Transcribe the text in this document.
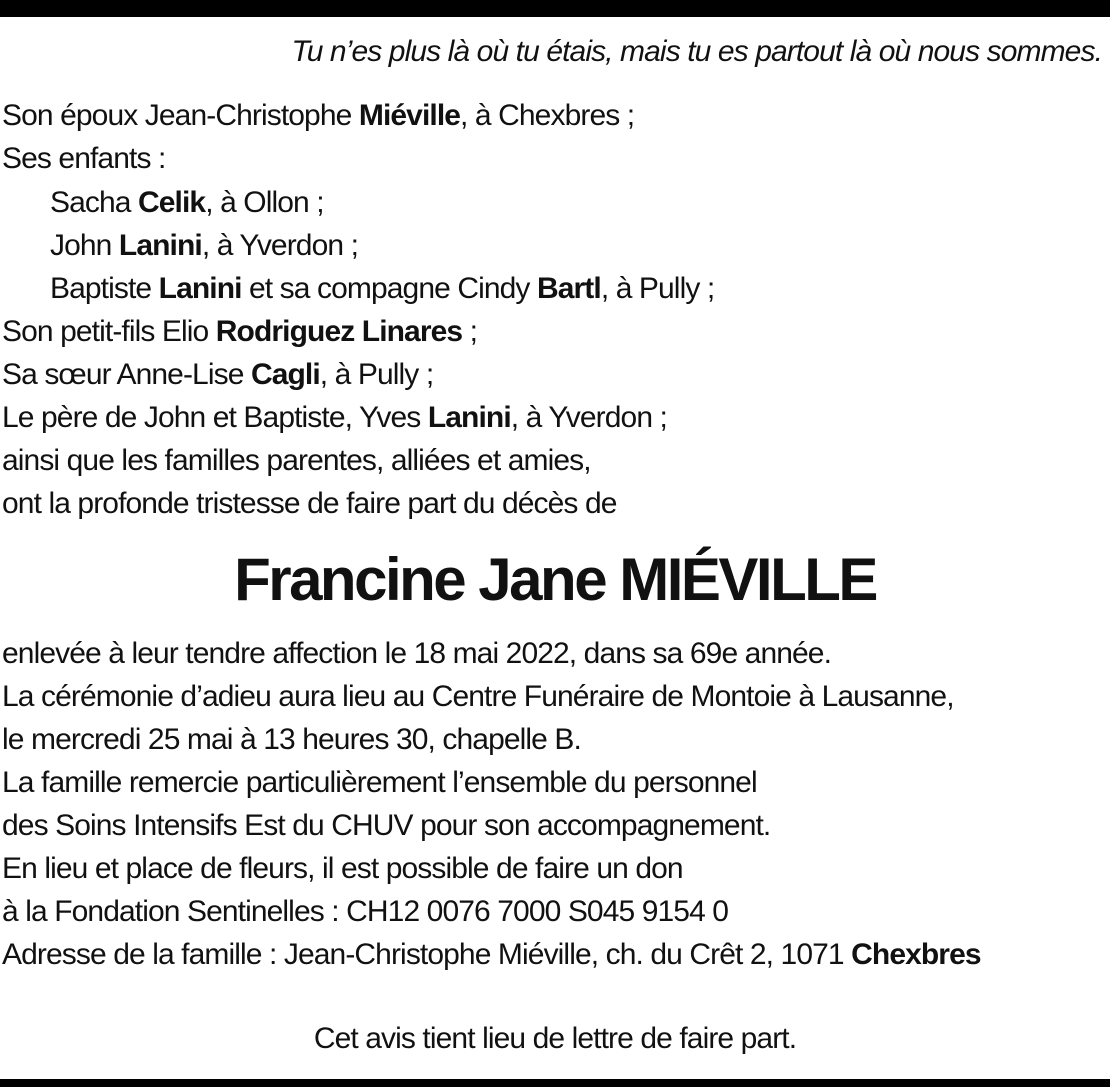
Tu n’es plus là où tu étais, mais tu es partout là où nous sommes.
Son époux Jean-Christophe Miéville, à Chexbres ;
Ses enfants :
Sacha Celik, à Ollon ;
John Lanini, à Yverdon ;
Baptiste Lanini et sa compagne Cindy Bartl, à Pully ;
Son petit-fils Elio Rodriguez Linares ;
Sa sœur Anne-Lise Cagli, à Pully ;
Le père de John et Baptiste, Yves Lanini, à Yverdon ;
ainsi que les familles parentes, alliées et amies,
ont la profonde tristesse de faire part du décès de
Francine Jane MIÉVILLE
enlevée à leur tendre affection le 18 mai 2022, dans sa 69e année.
La cérémonie d’adieu aura lieu au Centre Funéraire de Montoie à Lausanne,
le mercredi 25 mai à 13 heures 30, chapelle B.
La famille remercie particulièrement l’ensemble du personnel
des Soins Intensifs Est du CHUV pour son accompagnement.
En lieu et place de fleurs, il est possible de faire un don
à la Fondation Sentinelles : CH12 0076 7000 S045 9154 0
Adresse de la famille : Jean-Christophe Miéville, ch. du Crêt 2, 1071 Chexbres
Cet avis tient lieu de lettre de faire part.
